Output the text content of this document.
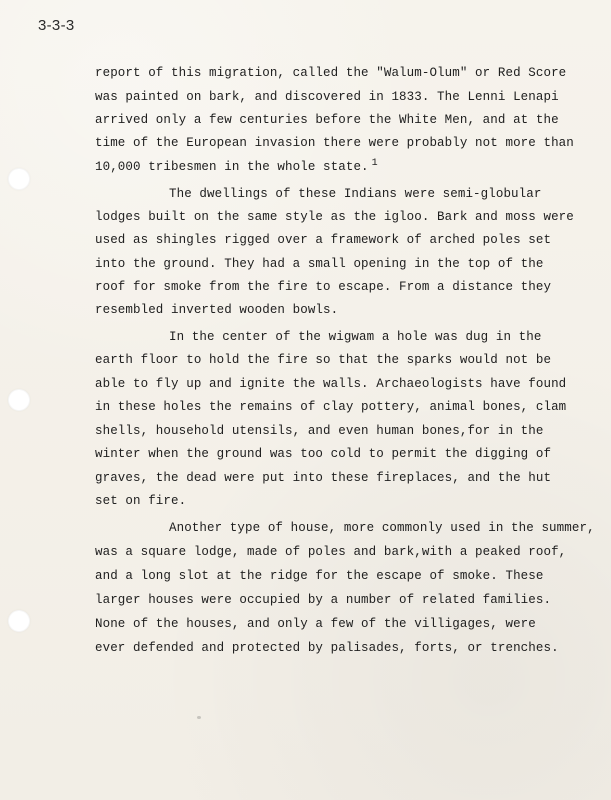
3-3-3
report of this migration, called the "Walum-Olum" or Red Score
was painted on bark, and discovered in 1833. The Lenni Lenapi
arrived only a few centuries before the White Men, and at the
time of the European invasion there were probably not more than
10,000 tribesmen in the whole state. $^1$
The dwellings of these Indians were semi-globular
lodges built on the same style as the igloo. Bark and moss were
used as shingles rigged over a framework of arched poles set
into the ground. They had a small opening in the top of the
roof for smoke from the fire to escape. From a distance they
resembled inverted wooden bowls.
In the center of the wigwam a hole was dug in the
earth floor to hold the fire so that the sparks would not be
able to fly up and ignite the walls. Archaeologists have found
in these holes the remains of clay pottery, animal bones, clam
shells, household utensils, and even human bones,for in the
winter when the ground was too cold to permit the digging of
graves, the dead were put into these fireplaces, and the hut
set on fire.
Another type of house, more commonly used in the summer,
was a square lodge, made of poles and bark,with a peaked roof,
and a long slot at the ridge for the escape of smoke. These
larger houses were occupied by a number of related families.
None of the houses, and only a few of the villigages, were
ever defended and protected by palisades, forts, or trenches.
